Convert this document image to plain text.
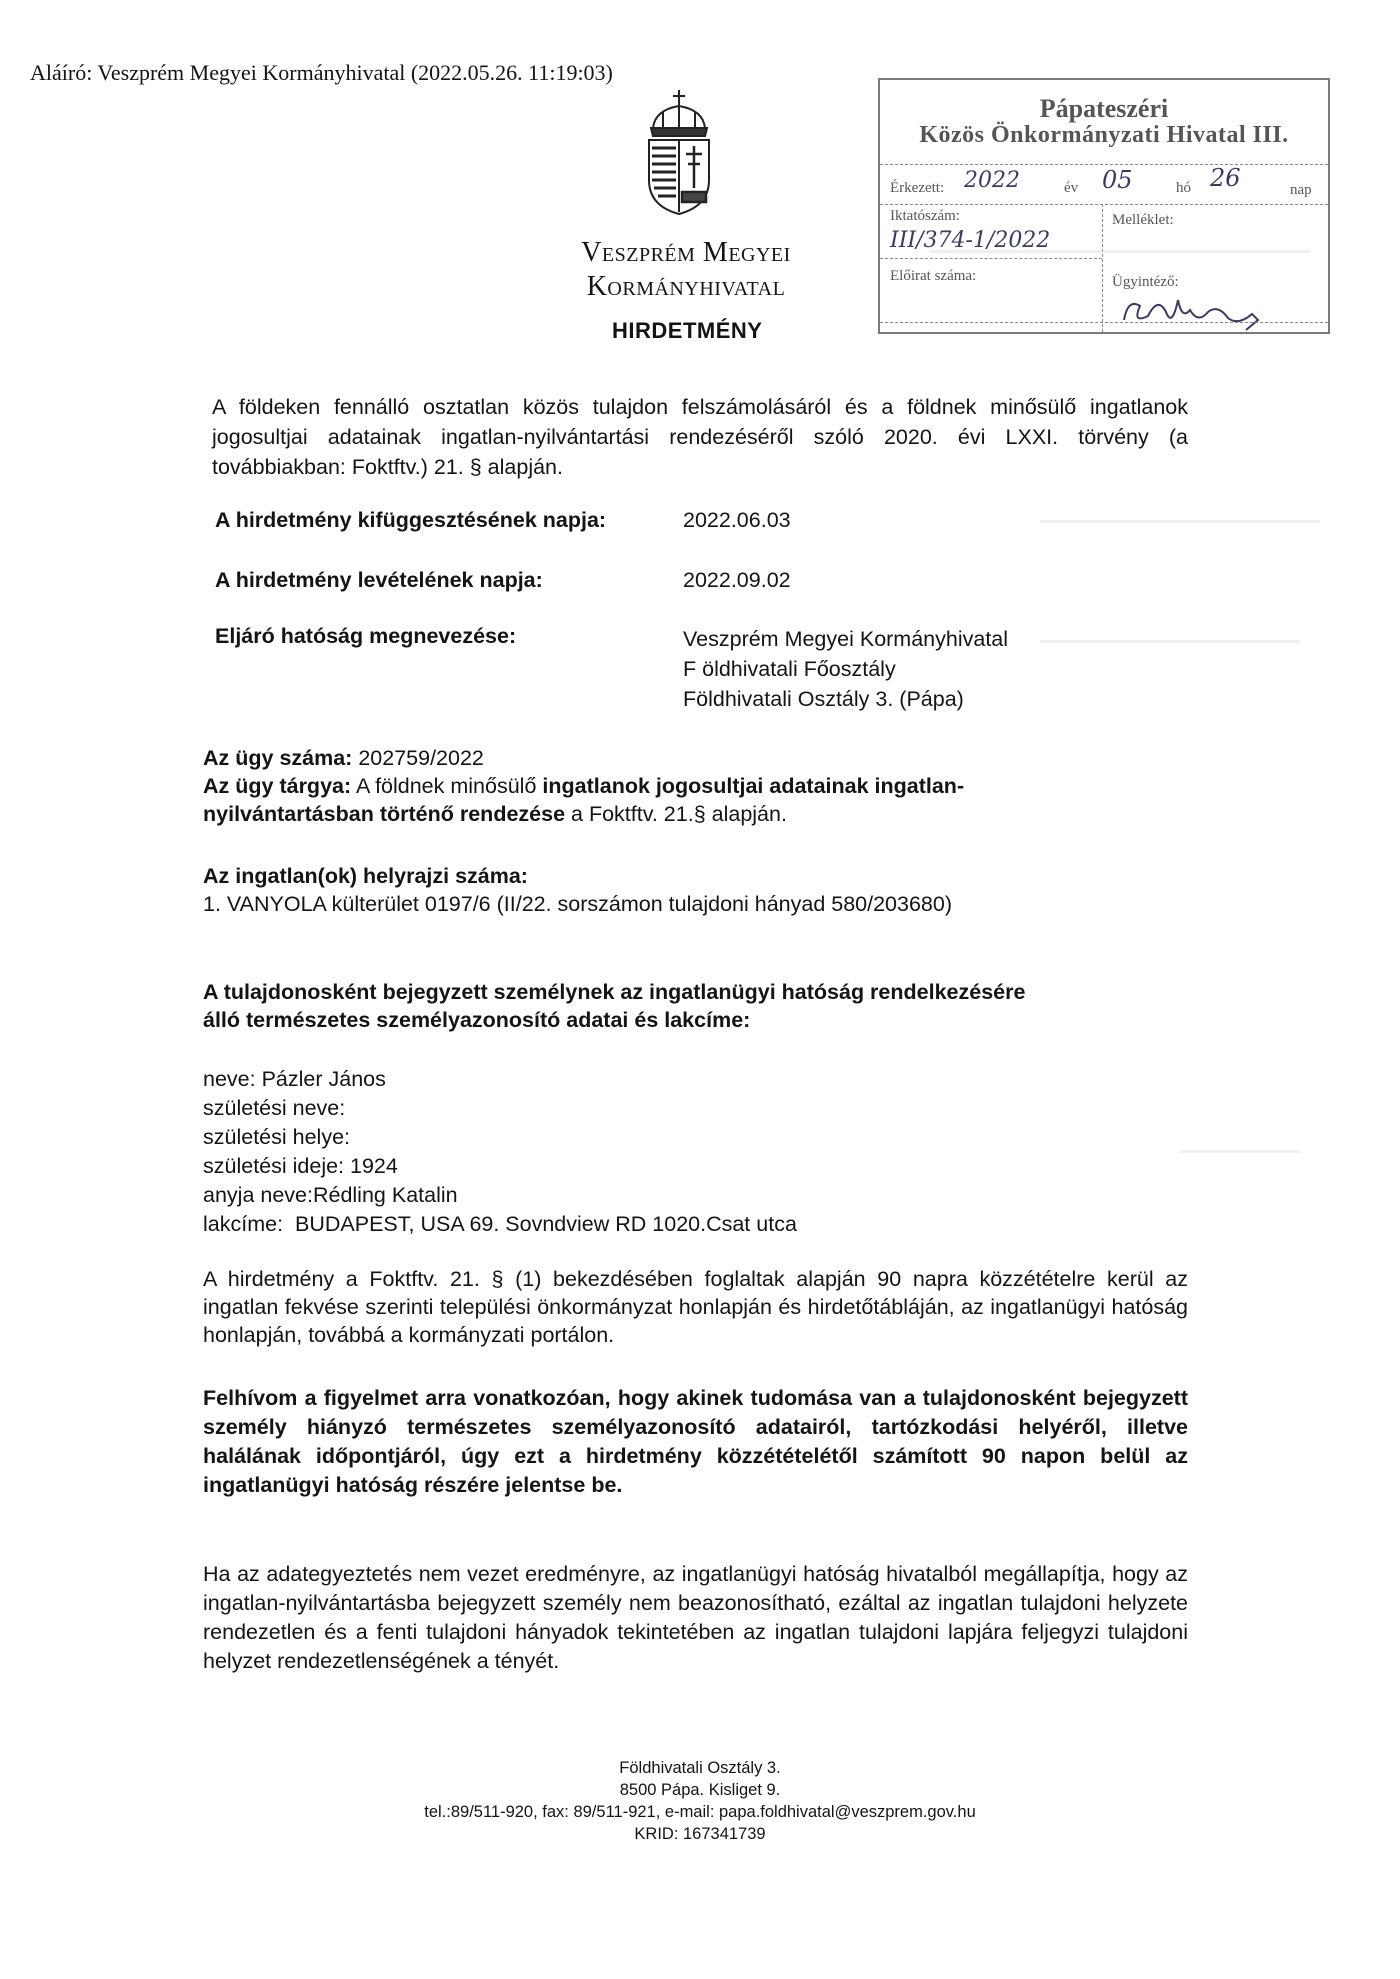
Aláíró: Veszprém Megyei Kormányhivatal (2022.05.26. 11:19:03)
Veszprém Megyei
Kormányhivatal
HIRDETMÉNY
Pápateszéri
Közös Önkormányzati Hivatal III.
Érkezett: 2022	év 05	hó 26	nap
Iktatószám:
III/374-1/2022
Melléklet:
Előirat száma:	Ügyintéző:
A földeken fennálló osztatlan közös tulajdon felszámolásáról és a földnek minősülő ingatlanok jogosultjai adatainak ingatlan-nyilvántartási rendezéséről szóló 2020. évi LXXI. törvény (a továbbiakban: Foktftv.) 21. § alapján.
A hirdetmény kifüggesztésének napja:	2022.06.03
A hirdetmény levételének napja:	2022.09.02
Eljáró hatóság megnevezése:	Veszprém Megyei Kormányhivatal
F öldhivatali Főosztály
Földhivatali Osztály 3. (Pápa)
Az ügy száma: 202759/2022
Az ügy tárgya: A földnek minősülő ingatlanok jogosultjai adatainak ingatlan-
nyilvántartásban történő rendezése a Foktftv. 21.§ alapján.
Az ingatlan(ok) helyrajzi száma:
1. VANYOLA külterület 0197/6 (II/22. sorszámon tulajdoni hányad 580/203680)
A tulajdonosként bejegyzett személynek az ingatlanügyi hatóság rendelkezésére
álló természetes személyazonosító adatai és lakcíme:
neve: Pázler János
születési neve:
születési helye:
születési ideje: 1924
anyja neve:Rédling Katalin
lakcíme:  BUDAPEST, USA 69. Sovndview RD 1020.Csat utca
A hirdetmény a Foktftv. 21. § (1) bekezdésében foglaltak alapján 90 napra közzétételre kerül az ingatlan fekvése szerinti települési önkormányzat honlapján és hirdetőtábláján, az ingatlanügyi hatóság honlapján, továbbá a kormányzati portálon.
Felhívom a figyelmet arra vonatkozóan, hogy akinek tudomása van a tulajdonosként bejegyzett személy hiányzó természetes személyazonosító adatairól, tartózkodási helyéről, illetve halálának időpontjáról, úgy ezt a hirdetmény közzétételétől számított 90 napon belül az ingatlanügyi hatóság részére jelentse be.
Ha az adategyeztetés nem vezet eredményre, az ingatlanügyi hatóság hivatalból megállapítja, hogy az ingatlan-nyilvántartásba bejegyzett személy nem beazonosítható, ezáltal az ingatlan tulajdoni helyzete rendezetlen és a fenti tulajdoni hányadok tekintetében az ingatlan tulajdoni lapjára feljegyzi tulajdoni helyzet rendezetlenségének a tényét.
Földhivatali Osztály 3.
8500 Pápa. Kisliget 9.
tel.:89/511-920, fax: 89/511-921, e-mail: papa.foldhivatal@veszprem.gov.hu
KRID: 167341739
